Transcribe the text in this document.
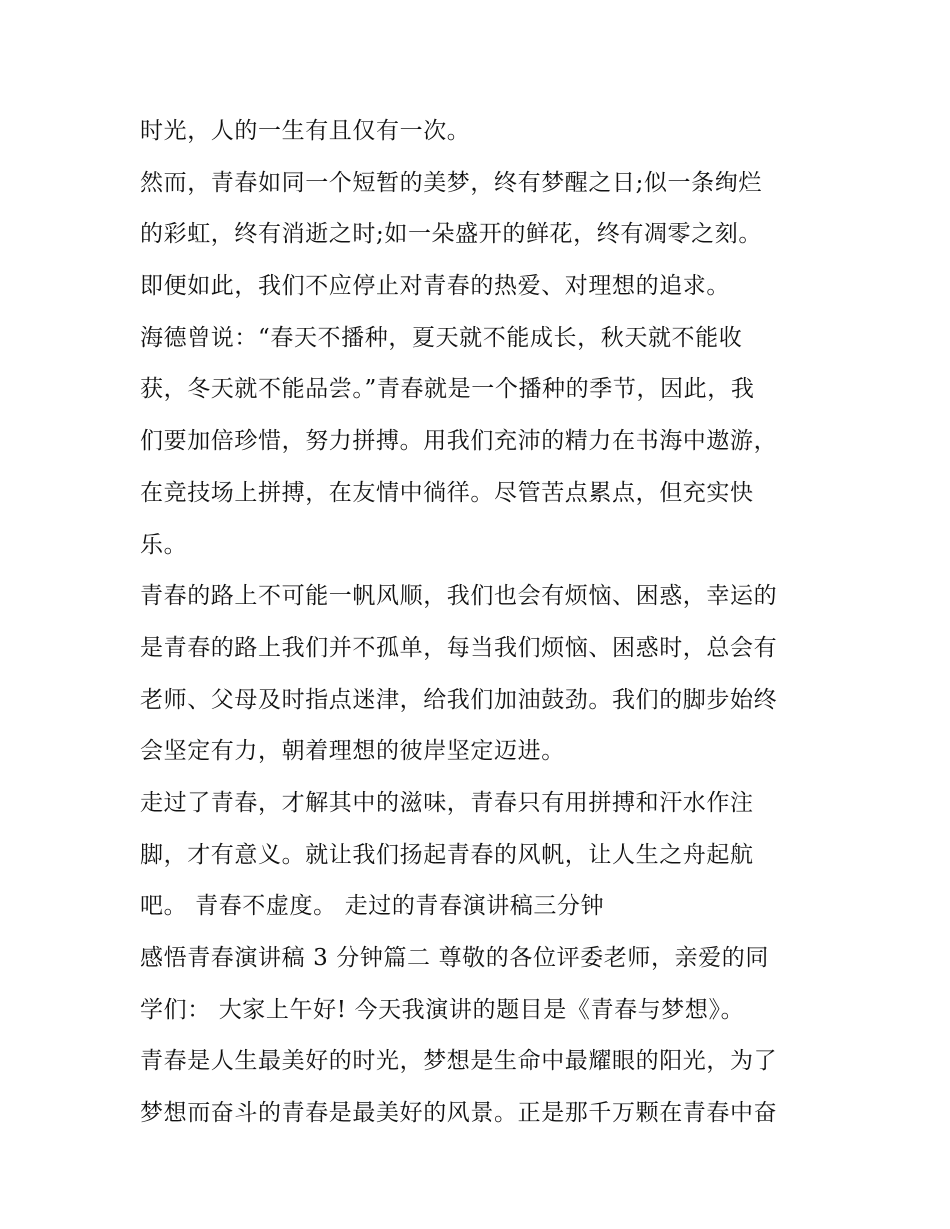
时光，人的一生有且仅有一次。
然而，青春如同一个短暂的美梦，终有梦醒之日;似一条绚烂
的彩虹，终有消逝之时;如一朵盛开的鲜花，终有凋零之刻。
即便如此，我们不应停止对青春的热爱、对理想的追求。
海德曾说：“春天不播种，夏天就不能成长，秋天就不能收
获，冬天就不能品尝。”青春就是一个播种的季节，因此，我
们要加倍珍惜，努力拼搏。用我们充沛的精力在书海中遨游，
在竞技场上拼搏，在友情中徜徉。尽管苦点累点，但充实快
乐。
青春的路上不可能一帆风顺，我们也会有烦恼、困惑，幸运的
是青春的路上我们并不孤单，每当我们烦恼、困惑时，总会有
老师、父母及时指点迷津，给我们加油鼓劲。我们的脚步始终
会坚定有力，朝着理想的彼岸坚定迈进。
走过了青春，才解其中的滋味，青春只有用拼搏和汗水作注
脚，才有意义。就让我们扬起青春的风帆，让人生之舟起航
吧。 青春不虚度。 走过的青春演讲稿三分钟
感悟青春演讲稿 3 分钟篇二 尊敬的各位评委老师，亲爱的同
学们： 大家上午好! 今天我演讲的题目是《青春与梦想》。
青春是人生最美好的时光，梦想是生命中最耀眼的阳光，为了
梦想而奋斗的青春是最美好的风景。正是那千万颗在青春中奋
